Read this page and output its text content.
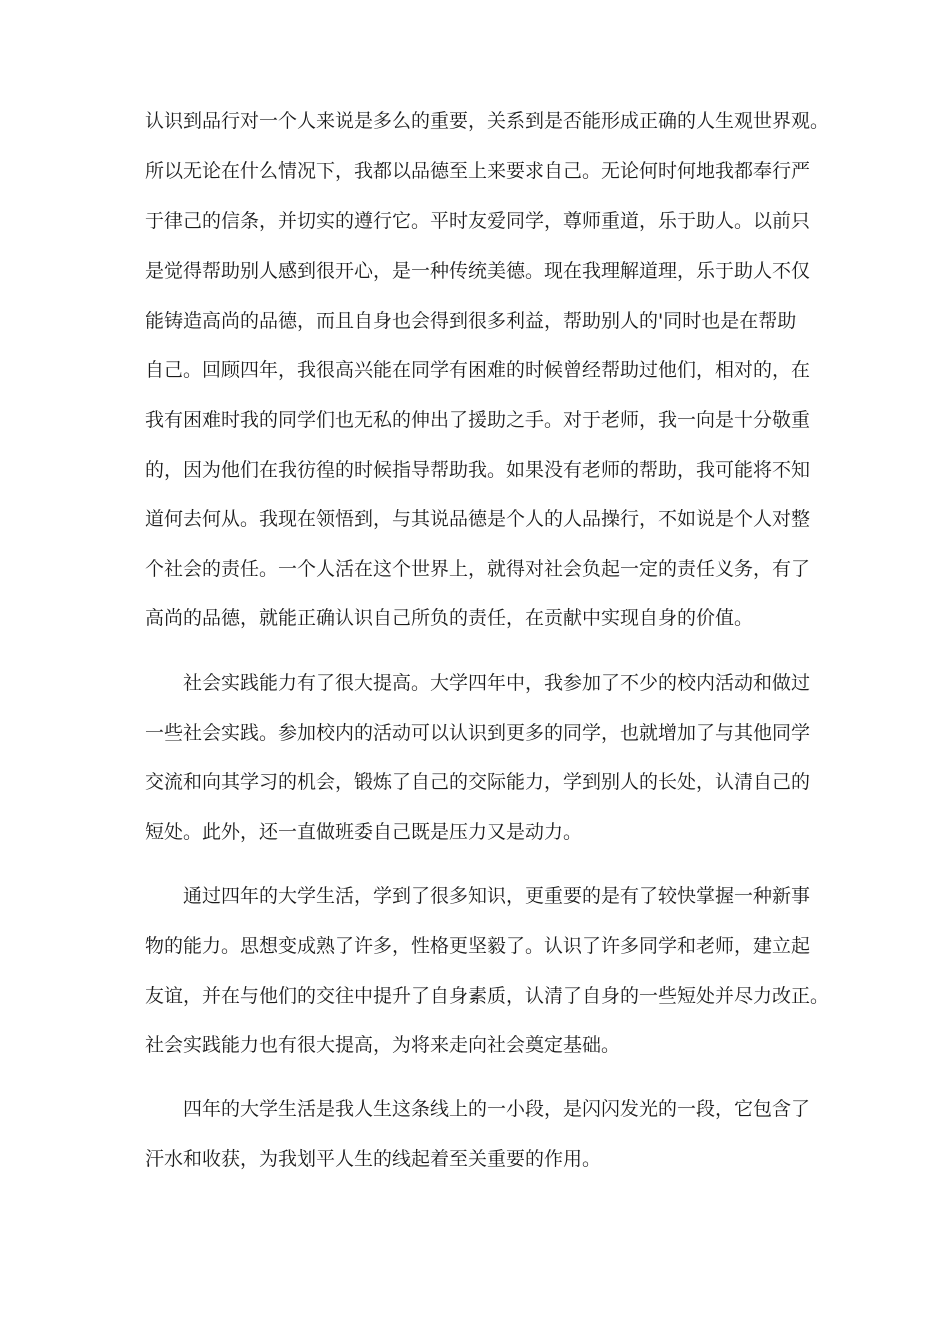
认识到品行对一个人来说是多么的重要，关系到是否能形成正确的人生观世界观。
所以无论在什么情况下，我都以品德至上来要求自己。无论何时何地我都奉行严
于律己的信条，并切实的遵行它。平时友爱同学，尊师重道，乐于助人。以前只
是觉得帮助别人感到很开心，是一种传统美德。现在我理解道理，乐于助人不仅
能铸造高尚的品德，而且自身也会得到很多利益，帮助别人的'同时也是在帮助
自己。回顾四年，我很高兴能在同学有困难的时候曾经帮助过他们，相对的，在
我有困难时我的同学们也无私的伸出了援助之手。对于老师，我一向是十分敬重
的，因为他们在我彷徨的时候指导帮助我。如果没有老师的帮助，我可能将不知
道何去何从。我现在领悟到，与其说品德是个人的人品操行，不如说是个人对整
个社会的责任。一个人活在这个世界上，就得对社会负起一定的责任义务，有了
高尚的品德，就能正确认识自己所负的责任，在贡献中实现自身的价值。
社会实践能力有了很大提高。大学四年中，我参加了不少的校内活动和做过
一些社会实践。参加校内的活动可以认识到更多的同学，也就增加了与其他同学
交流和向其学习的机会，锻炼了自己的交际能力，学到别人的长处，认清自己的
短处。此外，还一直做班委自己既是压力又是动力。
通过四年的大学生活，学到了很多知识，更重要的是有了较快掌握一种新事
物的能力。思想变成熟了许多，性格更坚毅了。认识了许多同学和老师，建立起
友谊，并在与他们的交往中提升了自身素质，认清了自身的一些短处并尽力改正。
社会实践能力也有很大提高，为将来走向社会奠定基础。
四年的大学生活是我人生这条线上的一小段，是闪闪发光的一段，它包含了
汗水和收获，为我划平人生的线起着至关重要的作用。
